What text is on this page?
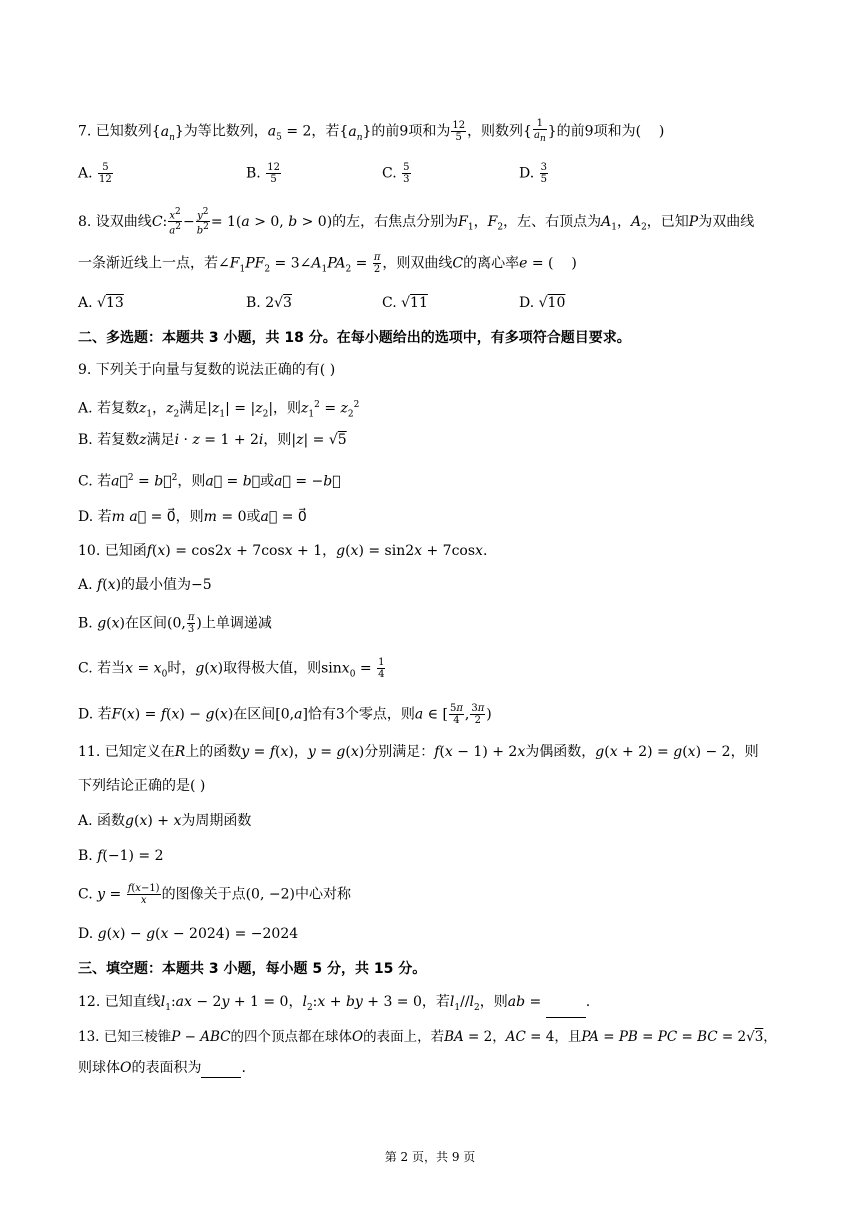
7. 已知数列$\{a_n\}$为等比数列，$a_5 = 2$，若$\{a_n\}$的前9项和为 $\frac{12}{5}$ ，则数列{ $\frac{1}{a_n}$ }的前9项和为(    )
A. $\frac{5}{12}$	B. $\frac{12}{5}$	C. $\frac{5}{3}$	D. $\frac{3}{5}$
8. 设双曲线C: $\frac{x^2}{a^2} - \frac{y^2}{b^2} = 1(a > 0$, b > 0)的左，右焦点分别为$F_1$，$F_2$，左、右顶点为$A_1$，$A_2$，已知P为双曲线
一条渐近线上一点，若$\angle F_1PF_2$ = $3\angle A_1PA_2 = \frac{\pi}{2}$ ，则双曲线C的离心率e = (    )
A. √13	B. 2√3	C. √11	D. √10
二、多选题：本题共 3 小题，共 18 分。在每小题给出的选项中，有多项符合题目要求。
9. 下列关于向量与复数的说法正确的有( )
A. 若复数$z_1$，$z_2$满足$|z_1| = |z_2|$，则$z_1^2 = z_2^2$
B. 若复数z满足i · z = 1 + 2i，则|z| = √5
C. 若a⃗$^2$ = b⃗$^2$，则a⃗ = b⃗或a⃗ = −b⃗
D. 若m a⃗ = 0⃗，则m = 0或a⃗ = 0⃗
10. 已知函f(x) = cos2x + 7cosx + 1，g(x) = sin2x + 7cosx.
A. f(x)的最小值为−5
B. g(x)在区间(0, $\frac{\pi}{3}$ )上单调递减
C. 若当$x = x_0$时，g(x)取得极大值，则$\sin x_0 = \frac{1}{4}$
D. 若F(x) = f(x) − g(x)在区间[0,a]恰有3个零点，则a ∈ [ $\frac{5\pi}{4}$ , $\frac{3\pi}{2}$ )
11. 已知定义在R上的函数y = f(x)，y = g(x)分别满足：f(x − 1) + 2x为偶函数，g(x + 2) = g(x) − 2，则
下列结论正确的是( )
A. 函数g(x) + x为周期函数
B. f(−1) = 2
C. $y = \frac{f(x-1)}{x}$ 的图像关于点(0, −2)中心对称
D. g(x) − g(x − 2024) = −2024
三、填空题：本题共 3 小题，每小题 5 分，共 15 分。
12. 已知直线$l_1:ax - 2y + 1 = 0$，$l_2:x$ + by + 3 = 0，若$l_1//l_2$，则ab =	.
13. 已知三棱锥P − ABC的四个顶点都在球体O的表面上，若BA = 2，AC = 4，且PA = PB = PC = BC = 2√3，
则球体O的表面积为	.
第 2 页，共 9 页
